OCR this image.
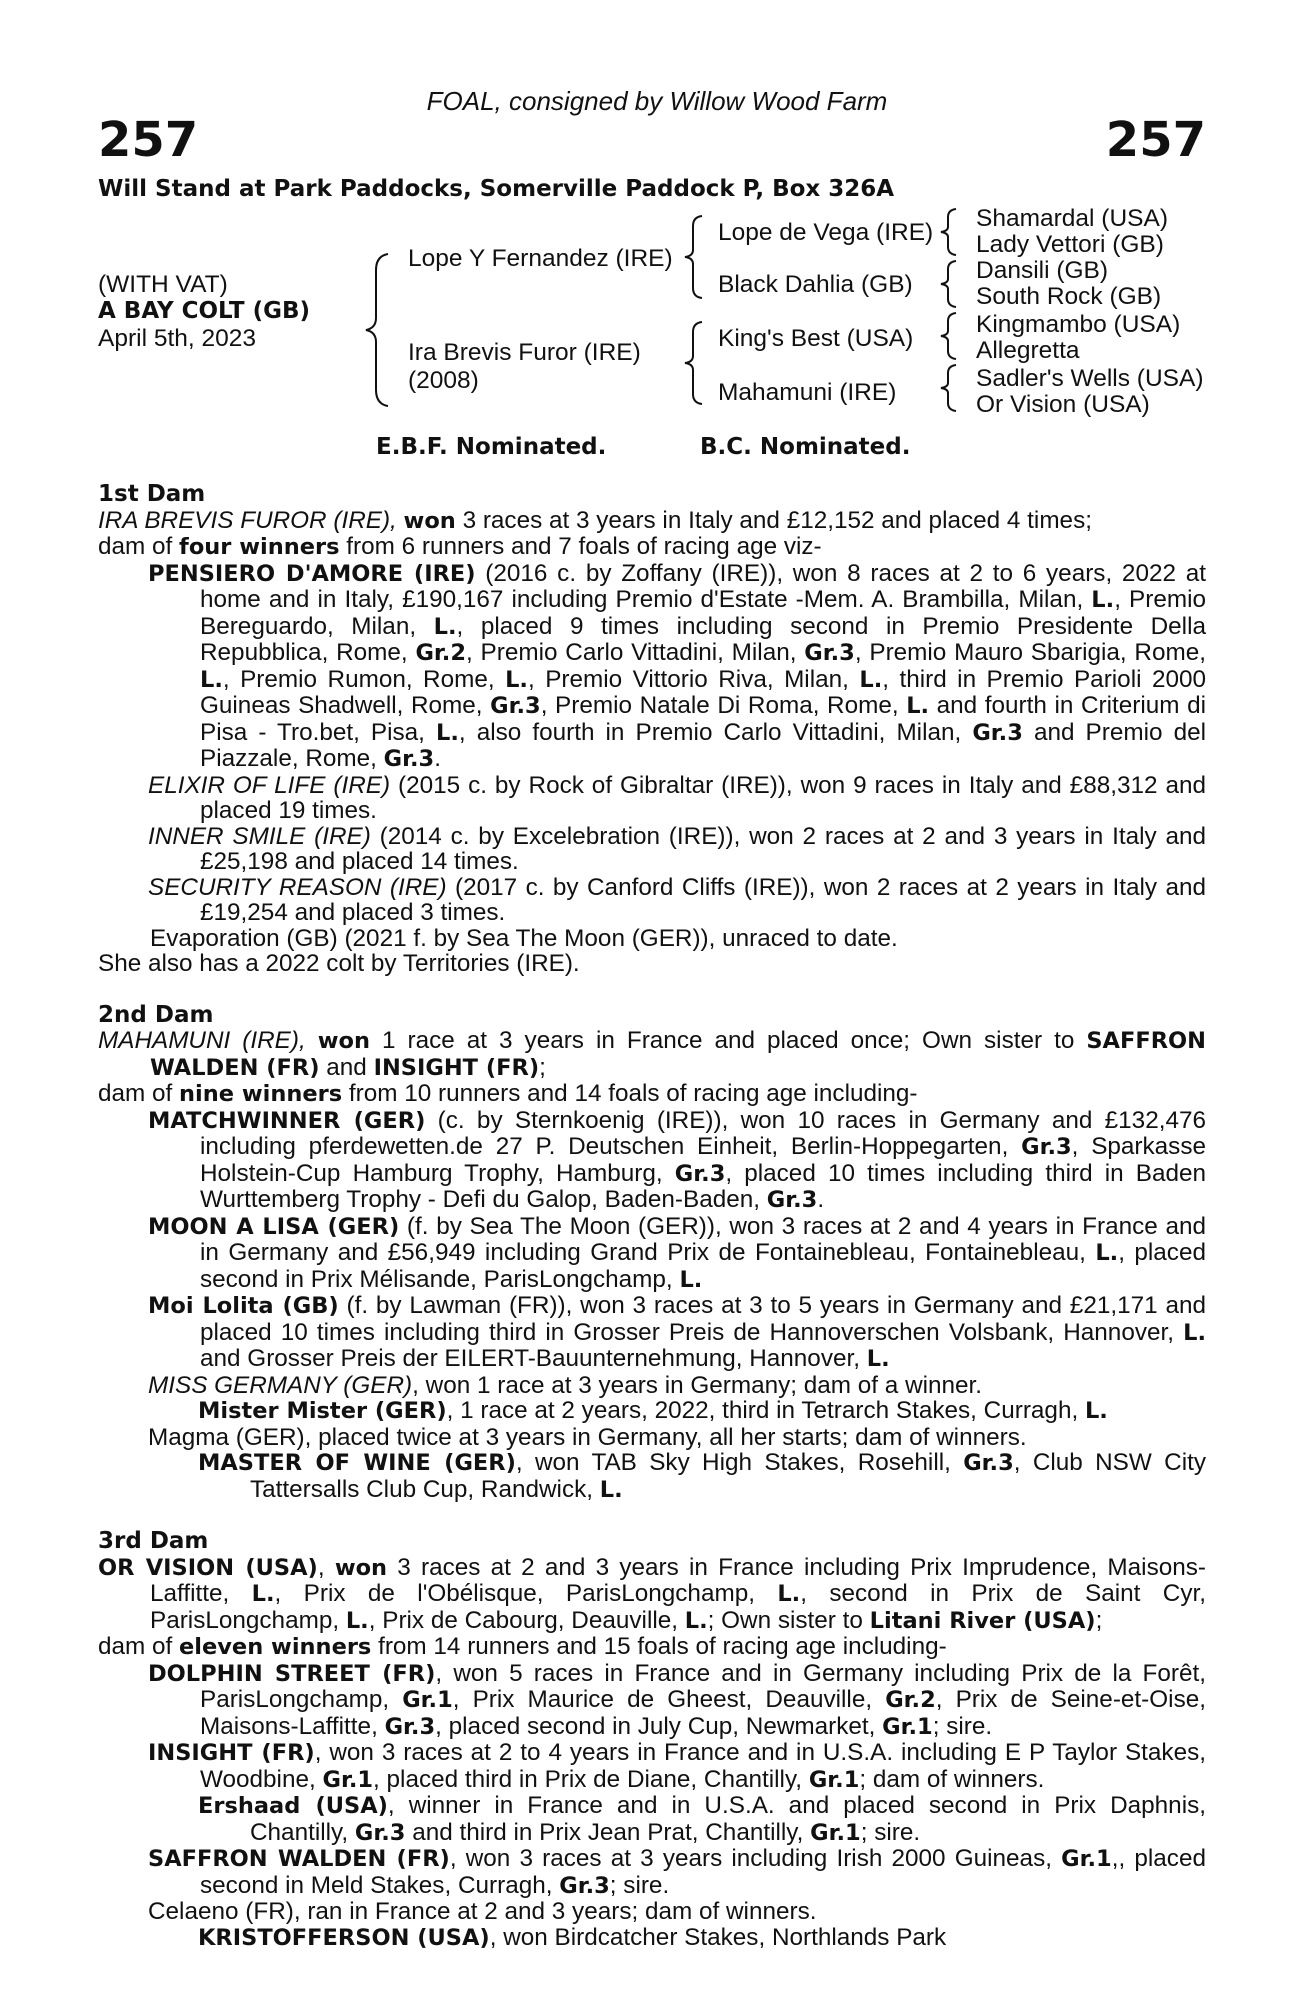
FOAL, consigned by Willow Wood Farm
257	257
Will Stand at Park Paddocks, Somerville Paddock P, Box 326A
(WITH VAT)
A BAY COLT (GB)
April 5th, 2023
Lope Y Fernandez (IRE)
Ira Brevis Furor (IRE)
(2008)
Lope de Vega (IRE)
Black Dahlia (GB)
King's Best (USA)
Mahamuni (IRE)
Shamardal (USA)
Lady Vettori (GB)
Dansili (GB)
South Rock (GB)
Kingmambo (USA)
Allegretta
Sadler's Wells (USA)
Or Vision (USA)
E.B.F. Nominated.	B.C. Nominated.

1st Dam

IRA BREVIS FUROR (IRE), won 3 races at 3 years in Italy and £12,152 and placed 4 times;

dam of four winners from 6 runners and 7 foals of racing age viz-

PENSIERO D'AMORE (IRE) (2016 c. by Zoffany (IRE)), won 8 races at 2 to 6 years, 2022 at home and in Italy, £190,167 including Premio d'Estate -Mem. A. Brambilla, Milan, L., Premio Bereguardo, Milan, L., placed 9 times including second in Premio Presidente Della Repubblica, Rome, Gr.2, Premio Carlo Vittadini, Milan, Gr.3, Premio Mauro Sbarigia, Rome, L., Premio Rumon, Rome, L., Premio Vittorio Riva, Milan, L., third in Premio Parioli 2000 Guineas Shadwell, Rome, Gr.3, Premio Natale Di Roma, Rome, L. and fourth in Criterium di Pisa - Tro.bet, Pisa, L., also fourth in Premio Carlo Vittadini, Milan, Gr.3 and Premio del Piazzale, Rome, Gr.3.

ELIXIR OF LIFE (IRE) (2015 c. by Rock of Gibraltar (IRE)), won 9 races in Italy and £88,312 and placed 19 times.

INNER SMILE (IRE) (2014 c. by Excelebration (IRE)), won 2 races at 2 and 3 years in Italy and £25,198 and placed 14 times.

SECURITY REASON (IRE) (2017 c. by Canford Cliffs (IRE)), won 2 races at 2 years in Italy and £19,254 and placed 3 times.

Evaporation (GB) (2021 f. by Sea The Moon (GER)), unraced to date.

She also has a 2022 colt by Territories (IRE).

2nd Dam

MAHAMUNI (IRE), won 1 race at 3 years in France and placed once; Own sister to SAFFRON WALDEN (FR) and INSIGHT (FR);

dam of nine winners from 10 runners and 14 foals of racing age including-

MATCHWINNER (GER) (c. by Sternkoenig (IRE)), won 10 races in Germany and £132,476 including pferdewetten.de 27 P. Deutschen Einheit, Berlin-Hoppegarten, Gr.3, Sparkasse Holstein-Cup Hamburg Trophy, Hamburg, Gr.3, placed 10 times including third in Baden Wurttemberg Trophy - Defi du Galop, Baden-Baden, Gr.3.

MOON A LISA (GER) (f. by Sea The Moon (GER)), won 3 races at 2 and 4 years in France and in Germany and £56,949 including Grand Prix de Fontainebleau, Fontainebleau, L., placed second in Prix Mélisande, ParisLongchamp, L.

Moi Lolita (GB) (f. by Lawman (FR)), won 3 races at 3 to 5 years in Germany and £21,171 and placed 10 times including third in Grosser Preis de Hannoverschen Volsbank, Hannover, L. and Grosser Preis der EILERT-Bauunternehmung, Hannover, L.

MISS GERMANY (GER), won 1 race at 3 years in Germany; dam of a winner.

Mister Mister (GER), 1 race at 2 years, 2022, third in Tetrarch Stakes, Curragh, L.

Magma (GER), placed twice at 3 years in Germany, all her starts; dam of winners.

MASTER OF WINE (GER), won TAB Sky High Stakes, Rosehill, Gr.3, Club NSW City Tattersalls Club Cup, Randwick, L.

3rd Dam

OR VISION (USA), won 3 races at 2 and 3 years in France including Prix Imprudence, Maisons-Laffitte, L., Prix de l'Obélisque, ParisLongchamp, L., second in Prix de Saint Cyr, ParisLongchamp, L., Prix de Cabourg, Deauville, L.; Own sister to Litani River (USA);

dam of eleven winners from 14 runners and 15 foals of racing age including-

DOLPHIN STREET (FR), won 5 races in France and in Germany including Prix de la Forêt, ParisLongchamp, Gr.1, Prix Maurice de Gheest, Deauville, Gr.2, Prix de Seine-et-Oise, Maisons-Laffitte, Gr.3, placed second in July Cup, Newmarket, Gr.1; sire.

INSIGHT (FR), won 3 races at 2 to 4 years in France and in U.S.A. including E P Taylor Stakes, Woodbine, Gr.1, placed third in Prix de Diane, Chantilly, Gr.1; dam of winners.

Ershaad (USA), winner in France and in U.S.A. and placed second in Prix Daphnis, Chantilly, Gr.3 and third in Prix Jean Prat, Chantilly, Gr.1; sire.

SAFFRON WALDEN (FR), won 3 races at 3 years including Irish 2000 Guineas, Gr.1,, placed second in Meld Stakes, Curragh, Gr.3; sire.

Celaeno (FR), ran in France at 2 and 3 years; dam of winners.

KRISTOFFERSON (USA), won Birdcatcher Stakes, Northlands Park
